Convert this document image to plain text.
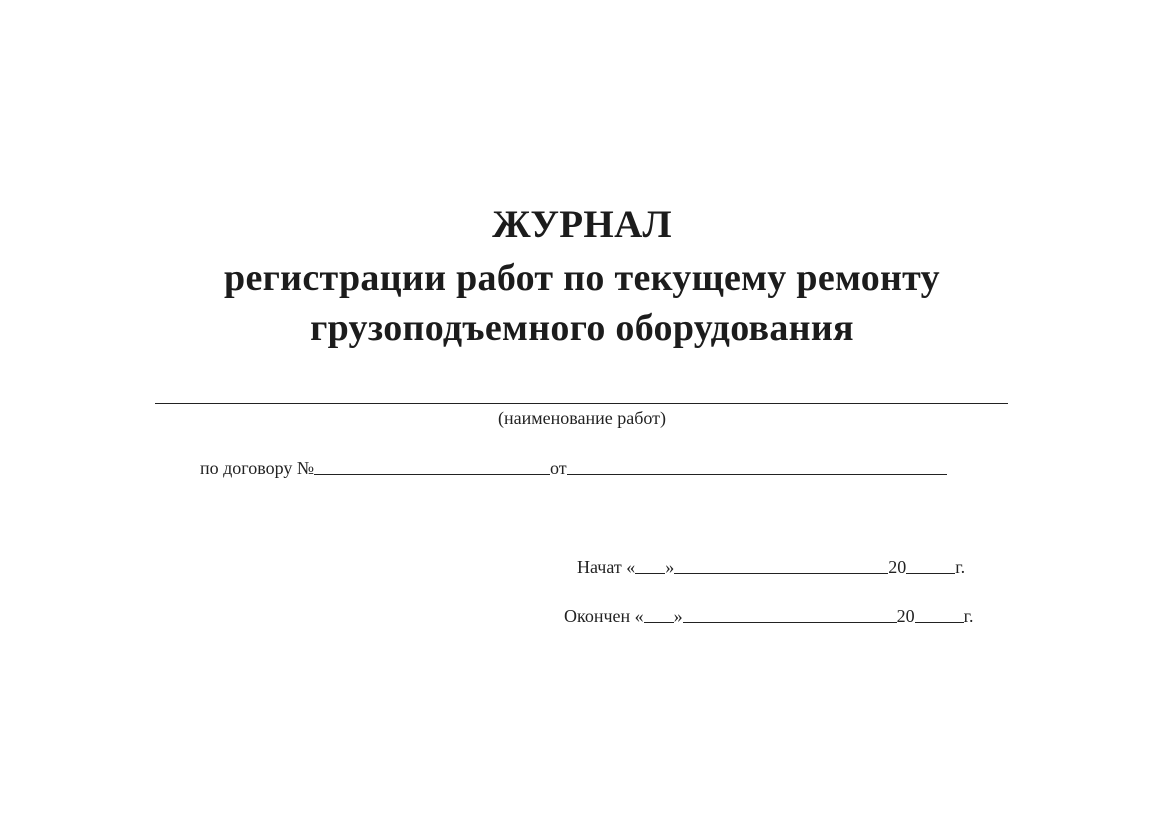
ЖУРНАЛ
регистрации работ по текущему ремонту
грузоподъемного оборудования
(наименование работ)
по договору №	от
Начат « »	20	г.
Окончен « »	20	г.
